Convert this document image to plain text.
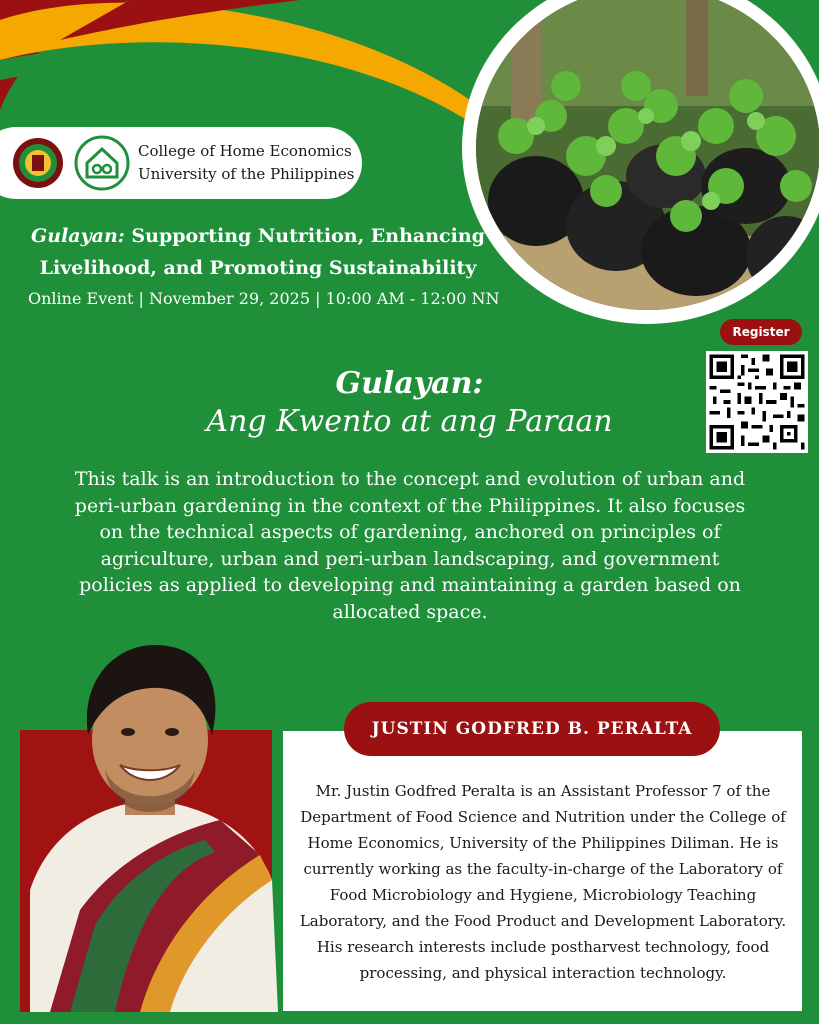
College of Home Economics
University of the Philippines
Gulayan: Supporting Nutrition, Enhancing Livelihood, and Promoting Sustainability
Online Event | November 29, 2025 | 10:00 AM - 12:00 NN
Register
Gulayan:
Ang Kwento at ang Paraan
This talk is an introduction to the concept and evolution of urban and peri-urban gardening in the context of the Philippines. It also focuses on the technical aspects of gardening, anchored on principles of agriculture, urban and peri-urban landscaping, and government policies as applied to developing and maintaining a garden based on allocated space.
Mr. Justin Godfred Peralta is an Assistant Professor 7 of the Department of Food Science and Nutrition under the College of Home Economics, University of the Philippines Diliman. He is currently working as the faculty-in-charge of the Laboratory of Food Microbiology and Hygiene, Microbiology Teaching Laboratory, and the Food Product and Development Laboratory. His research interests include postharvest technology, food processing, and physical interaction technology.
JUSTIN GODFRED B. PERALTA
